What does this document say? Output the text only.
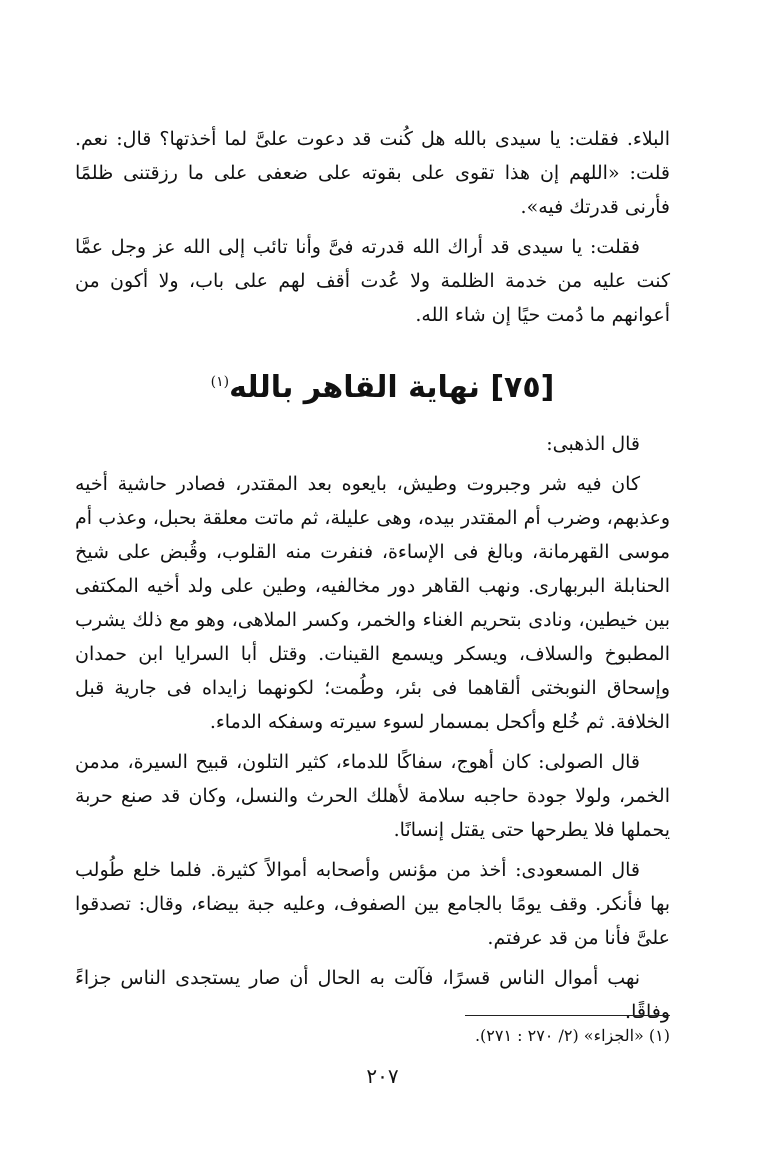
البلاء. فقلت: يا سيدى بالله هل كُنت قد دعوت علىَّ لما أخذتها؟ قال: نعم. قلت: «اللهم إن هذا تقوى على بقوته على ضعفى على ما رزقتنى ظلمًا فأرنى قدرتك فيه».

فقلت: يا سيدى قد أراك الله قدرته فىَّ وأنا تائب إلى الله عز وجل عمَّا كنت عليه من خدمة الظلمة ولا عُدت أقف لهم على باب، ولا أكون من أعوانهم ما دُمت حيًا إن شاء الله.

[٧٥] نهاية القاهر بالله$^{(١)}$

قال الذهبى:

كان فيه شر وجبروت وطيش، بايعوه بعد المقتدر، فصادر حاشية أخيه وعذبهم، وضرب أم المقتدر بيده، وهى عليلة، ثم ماتت معلقة بحبل، وعذب أم موسى القهرمانة، وبالغ فى الإساءة، فنفرت منه القلوب، وقُبض على شيخ الحنابلة البربهارى. ونهب القاهر دور مخالفيه، وطين على ولد أخيه المكتفى بين خيطين، ونادى بتحريم الغناء والخمر، وكسر الملاهى، وهو مع ذلك يشرب المطبوخ والسلاف، ويسكر ويسمع القينات. وقتل أبا السرايا ابن حمدان وإسحاق النوبختى ألقاهما فى بئر، وطُمت؛ لكونهما زايداه فى جارية قبل الخلافة. ثم خُلع وأكحل بمسمار لسوء سيرته وسفكه الدماء.

قال الصولى: كان أهوج، سفاكًا للدماء، كثير التلون، قبيح السيرة، مدمن الخمر، ولولا جودة حاجبه سلامة لأهلك الحرث والنسل، وكان قد صنع حربة يحملها فلا يطرحها حتى يقتل إنسانًا.

قال المسعودى: أخذ من مؤنس وأصحابه أموالاً كثيرة. فلما خلع طُولب بها فأنكر. وقف يومًا بالجامع بين الصفوف، وعليه جبة بيضاء، وقال: تصدقوا علىَّ فأنا من قد عرفتم.

نهب أموال الناس قسرًا، فآلت به الحال أن صار يستجدى الناس جزاءً وفاقًا.

(١) «الجزاء» (٢/ ٢٧٠ : ٢٧١).
٢٠٧
